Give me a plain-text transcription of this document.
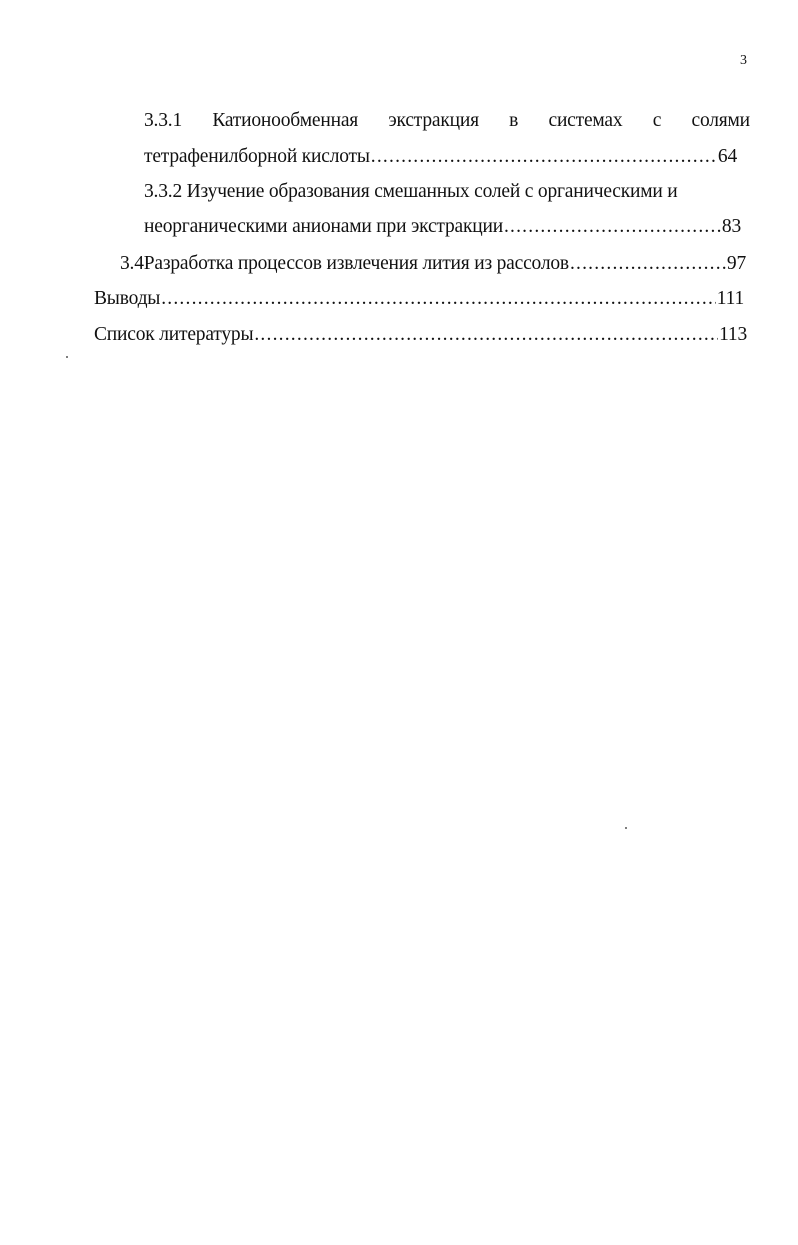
3
3.3.1 Катионообменная экстракция в системах с солями
тетрафенилборной кислоты .....	64
3.3.2 Изучение образования смешанных солей с органическими и
неорганическими анионами при экстракции .....	83
3.4 Разработка процессов извлечения лития из рассолов .....	97
Выводы .....	111
Список литературы .....	113
